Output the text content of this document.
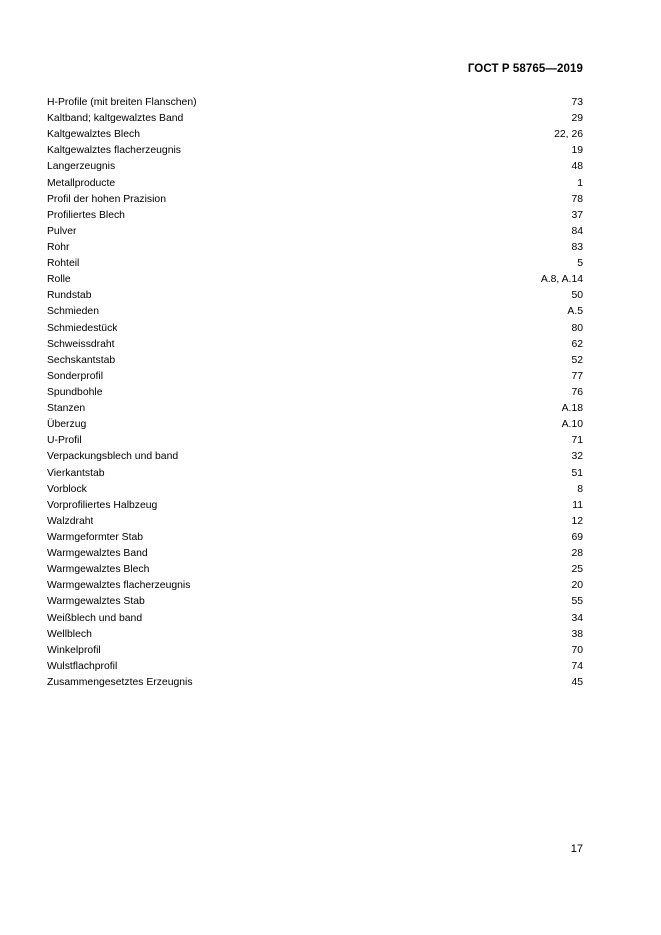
ГОСТ Р 58765—2019
H-Profile (mit breiten Flanschen)	73
Kaltband; kaltgewalztes Band	29
Kaltgewalztes Blech	22, 26
Kaltgewalztes flacherzeugnis	19
Langerzeugnis	48
Metallproducte	1
Profil der hohen Prazision	78
Profiliertes Blech	37
Pulver	84
Rohr	83
Rohteil	5
Rolle	A.8, A.14
Rundstab	50
Schmieden	A.5
Schmiedestück	80
Schweissdraht	62
Sechskantstab	52
Sonderprofil	77
Spundbohle	76
Stanzen	A.18
Überzug	A.10
U-Profil	71
Verpackungsblech und band	32
Vierkantstab	51
Vorblock	8
Vorprofiliertes Halbzeug	11
Walzdraht	12
Warmgeformter Stab	69
Warmgewalztes Band	28
Warmgewalztes Blech	25
Warmgewalztes flacherzeugnis	20
Warmgewalztes Stab	55
Weißblech und band	34
Wellblech	38
Winkelprofil	70
Wulstflachprofil	74
Zusammengesetztes Erzeugnis	45
17
